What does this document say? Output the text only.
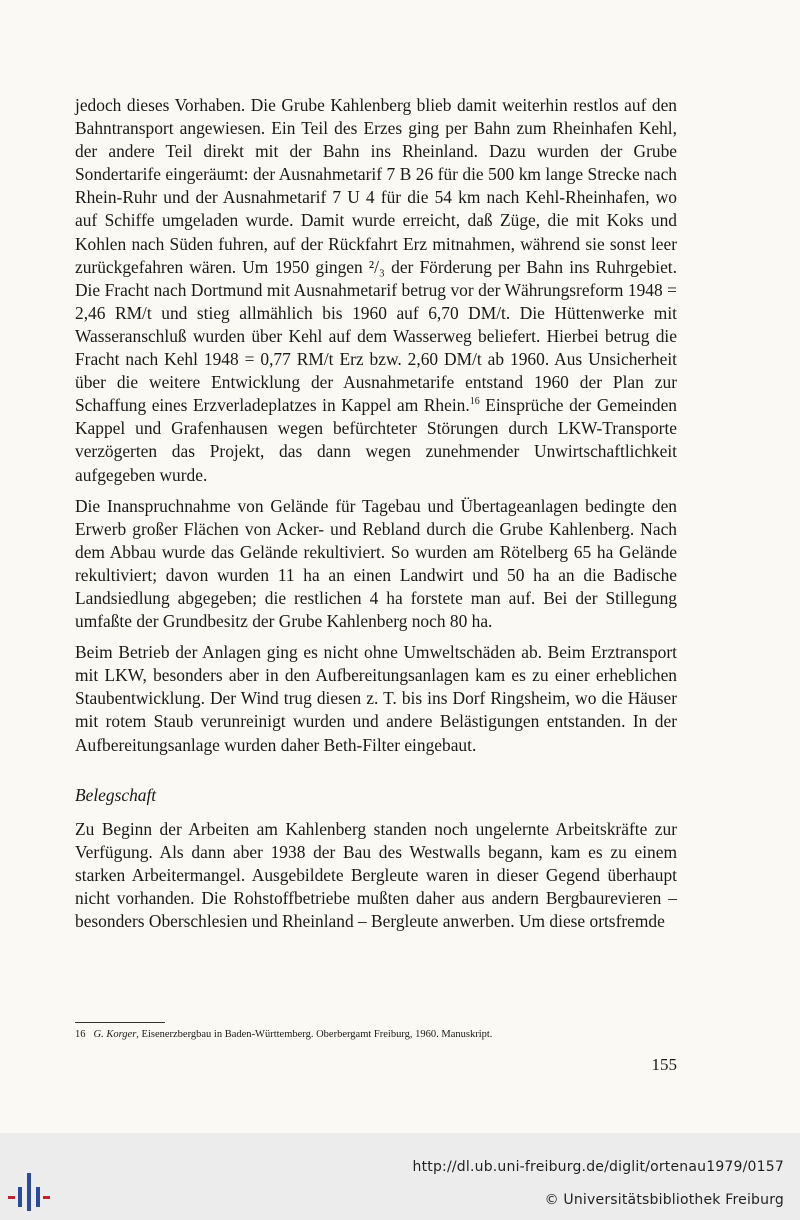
jedoch dieses Vorhaben. Die Grube Kahlenberg blieb damit weiterhin restlos auf den Bahntransport angewiesen. Ein Teil des Erzes ging per Bahn zum Rheinhafen Kehl, der andere Teil direkt mit der Bahn ins Rheinland. Dazu wurden der Grube Sondertarife eingeräumt: der Ausnahmetarif 7 B 26 für die 500 km lange Strecke nach Rhein-Ruhr und der Ausnahmetarif 7 U 4 für die 54 km nach Kehl-Rheinhafen, wo auf Schiffe umgeladen wurde. Damit wurde erreicht, daß Züge, die mit Koks und Kohlen nach Süden fuhren, auf der Rückfahrt Erz mitnahmen, während sie sonst leer zurückgefahren wären. Um 1950 gingen ²/₃ der Förderung per Bahn ins Ruhrgebiet. Die Fracht nach Dortmund mit Ausnahmetarif betrug vor der Währungsreform 1948 = 2,46 RM/t und stieg allmählich bis 1960 auf 6,70 DM/t. Die Hüttenwerke mit Wasseranschluß wurden über Kehl auf dem Wasserweg beliefert. Hierbei betrug die Fracht nach Kehl 1948 = 0,77 RM/t Erz bzw. 2,60 DM/t ab 1960. Aus Unsicherheit über die weitere Entwicklung der Ausnahmetarife entstand 1960 der Plan zur Schaffung eines Erzverladeplatzes in Kappel am Rhein.$^{16}$ Einsprüche der Gemeinden Kappel und Grafenhausen wegen befürchteter Störungen durch LKW-Transporte verzögerten das Projekt, das dann wegen zunehmender Unwirtschaftlichkeit aufgegeben wurde.

Die Inanspruchnahme von Gelände für Tagebau und Übertageanlagen bedingte den Erwerb großer Flächen von Acker- und Rebland durch die Grube Kahlenberg. Nach dem Abbau wurde das Gelände rekultiviert. So wurden am Rötelberg 65 ha Gelände rekultiviert; davon wurden 11 ha an einen Landwirt und 50 ha an die Badische Landsiedlung abgegeben; die restlichen 4 ha forstete man auf. Bei der Stillegung umfaßte der Grundbesitz der Grube Kahlenberg noch 80 ha.

Beim Betrieb der Anlagen ging es nicht ohne Umweltschäden ab. Beim Erztransport mit LKW, besonders aber in den Aufbereitungsanlagen kam es zu einer erheblichen Staubentwicklung. Der Wind trug diesen z. T. bis ins Dorf Ringsheim, wo die Häuser mit rotem Staub verunreinigt wurden und andere Belästigungen entstanden. In der Aufbereitungsanlage wurden daher Beth-Filter eingebaut.

Belegschaft

Zu Beginn der Arbeiten am Kahlenberg standen noch ungelernte Arbeitskräfte zur Verfügung. Als dann aber 1938 der Bau des Westwalls begann, kam es zu einem starken Arbeitermangel. Ausgebildete Bergleute waren in dieser Gegend überhaupt nicht vorhanden. Die Rohstoffbetriebe mußten daher aus andern Bergbaurevieren – besonders Oberschlesien und Rheinland – Bergleute anwerben. Um diese ortsfremde

16 G. Korger, Eisenerzbergbau in Baden-Württemberg. Oberbergamt Freiburg, 1960. Manuskript.
155
http://dl.ub.uni-freiburg.de/diglit/ortenau1979/0157
© Universitätsbibliothek Freiburg
